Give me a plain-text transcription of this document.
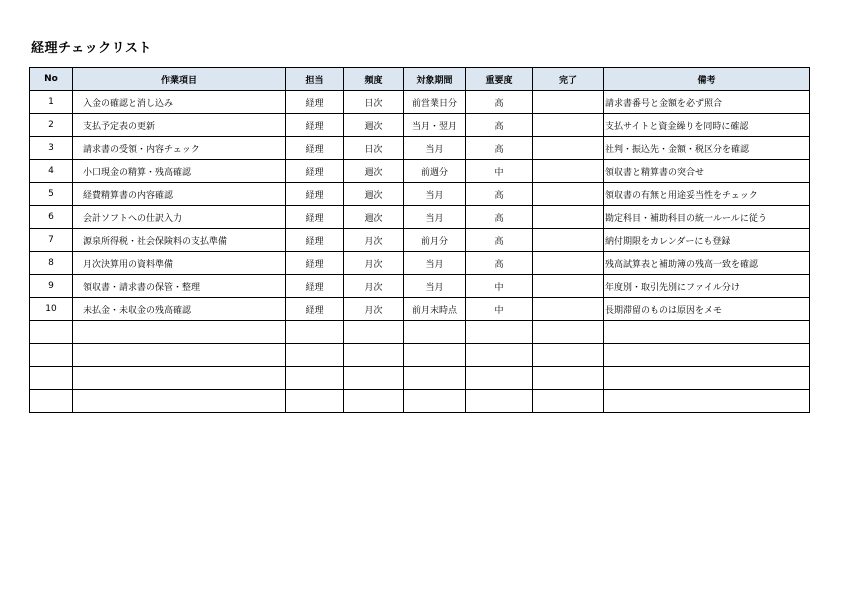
経理チェックリスト
No	作業項目	担当	頻度	対象期間	重要度	完了	備考
1	入金の確認と消し込み	経理	日次	前営業日分	高		請求書番号と金額を必ず照合
2	支払予定表の更新	経理	週次	当月・翌月	高		支払サイトと資金繰りを同時に確認
3	請求書の受領・内容チェック	経理	日次	当月	高		社判・振込先・金額・税区分を確認
4	小口現金の精算・残高確認	経理	週次	前週分	中		領収書と精算書の突合せ
5	経費精算書の内容確認	経理	週次	当月	高		領収書の有無と用途妥当性をチェック
6	会計ソフトへの仕訳入力	経理	週次	当月	高		勘定科目・補助科目の統一ルールに従う
7	源泉所得税・社会保険料の支払準備	経理	月次	前月分	高		納付期限をカレンダーにも登録
8	月次決算用の資料準備	経理	月次	当月	高		残高試算表と補助簿の残高一致を確認
9	領収書・請求書の保管・整理	経理	月次	当月	中		年度別・取引先別にファイル分け
10	未払金・未収金の残高確認	経理	月次	前月末時点	中		長期滞留のものは原因をメモ
